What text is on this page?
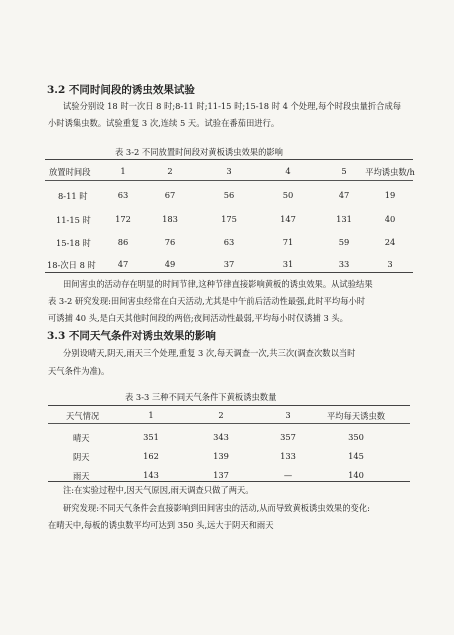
3.2 不同时间段的诱虫效果试验
试验分别设 18 时一次日 8 时;8-11 时;11-15 时;15-18 时 4 个处理,每个时段虫量折合成每
小时诱集虫数。试验重复 3 次,连续 5 天。试验在番茄田进行。
表 3-2 不同放置时间段对黄板诱虫效果的影响
放置时间段	1	2	3	4	5 平均诱虫数/h
8-11 时	63	67	56	50	47	19
11-15 时	172	183	175	147	131	40
15-18 时	86	76	63	71	59	24
18-次日 8 时	47	49	37	31	33	3
田间害虫的活动存在明显的时间节律,这种节律直接影响黄板的诱虫效果。从试验结果
表 3-2 研究发现:田间害虫经常在白天活动,尤其是中午前后活动性最强,此时平均每小时
可诱捕 40 头,是白天其他时间段的两倍;夜间活动性最弱,平均每小时仅诱捕 3 头。
3.3 不同天气条件对诱虫效果的影响
分别设晴天,阴天,雨天三个处理,重复 3 次,每天调查一次,共三次(调查次数以当时
天气条件为准)。
表 3-3 三种不同天气条件下黄板诱虫数量
天气情况	1	2	3	平均每天诱虫数
晴天	351	343	357	350
阴天	162	139	133	145
雨天	143	137	—	140
注:在实验过程中,因天气原因,雨天调查只做了两天。
研究发现:不同天气条件会直接影响到田间害虫的活动,从而导致黄板诱虫效果的变化:
在晴天中,每板的诱虫数平均可达到 350 头,远大于阴天和雨天
